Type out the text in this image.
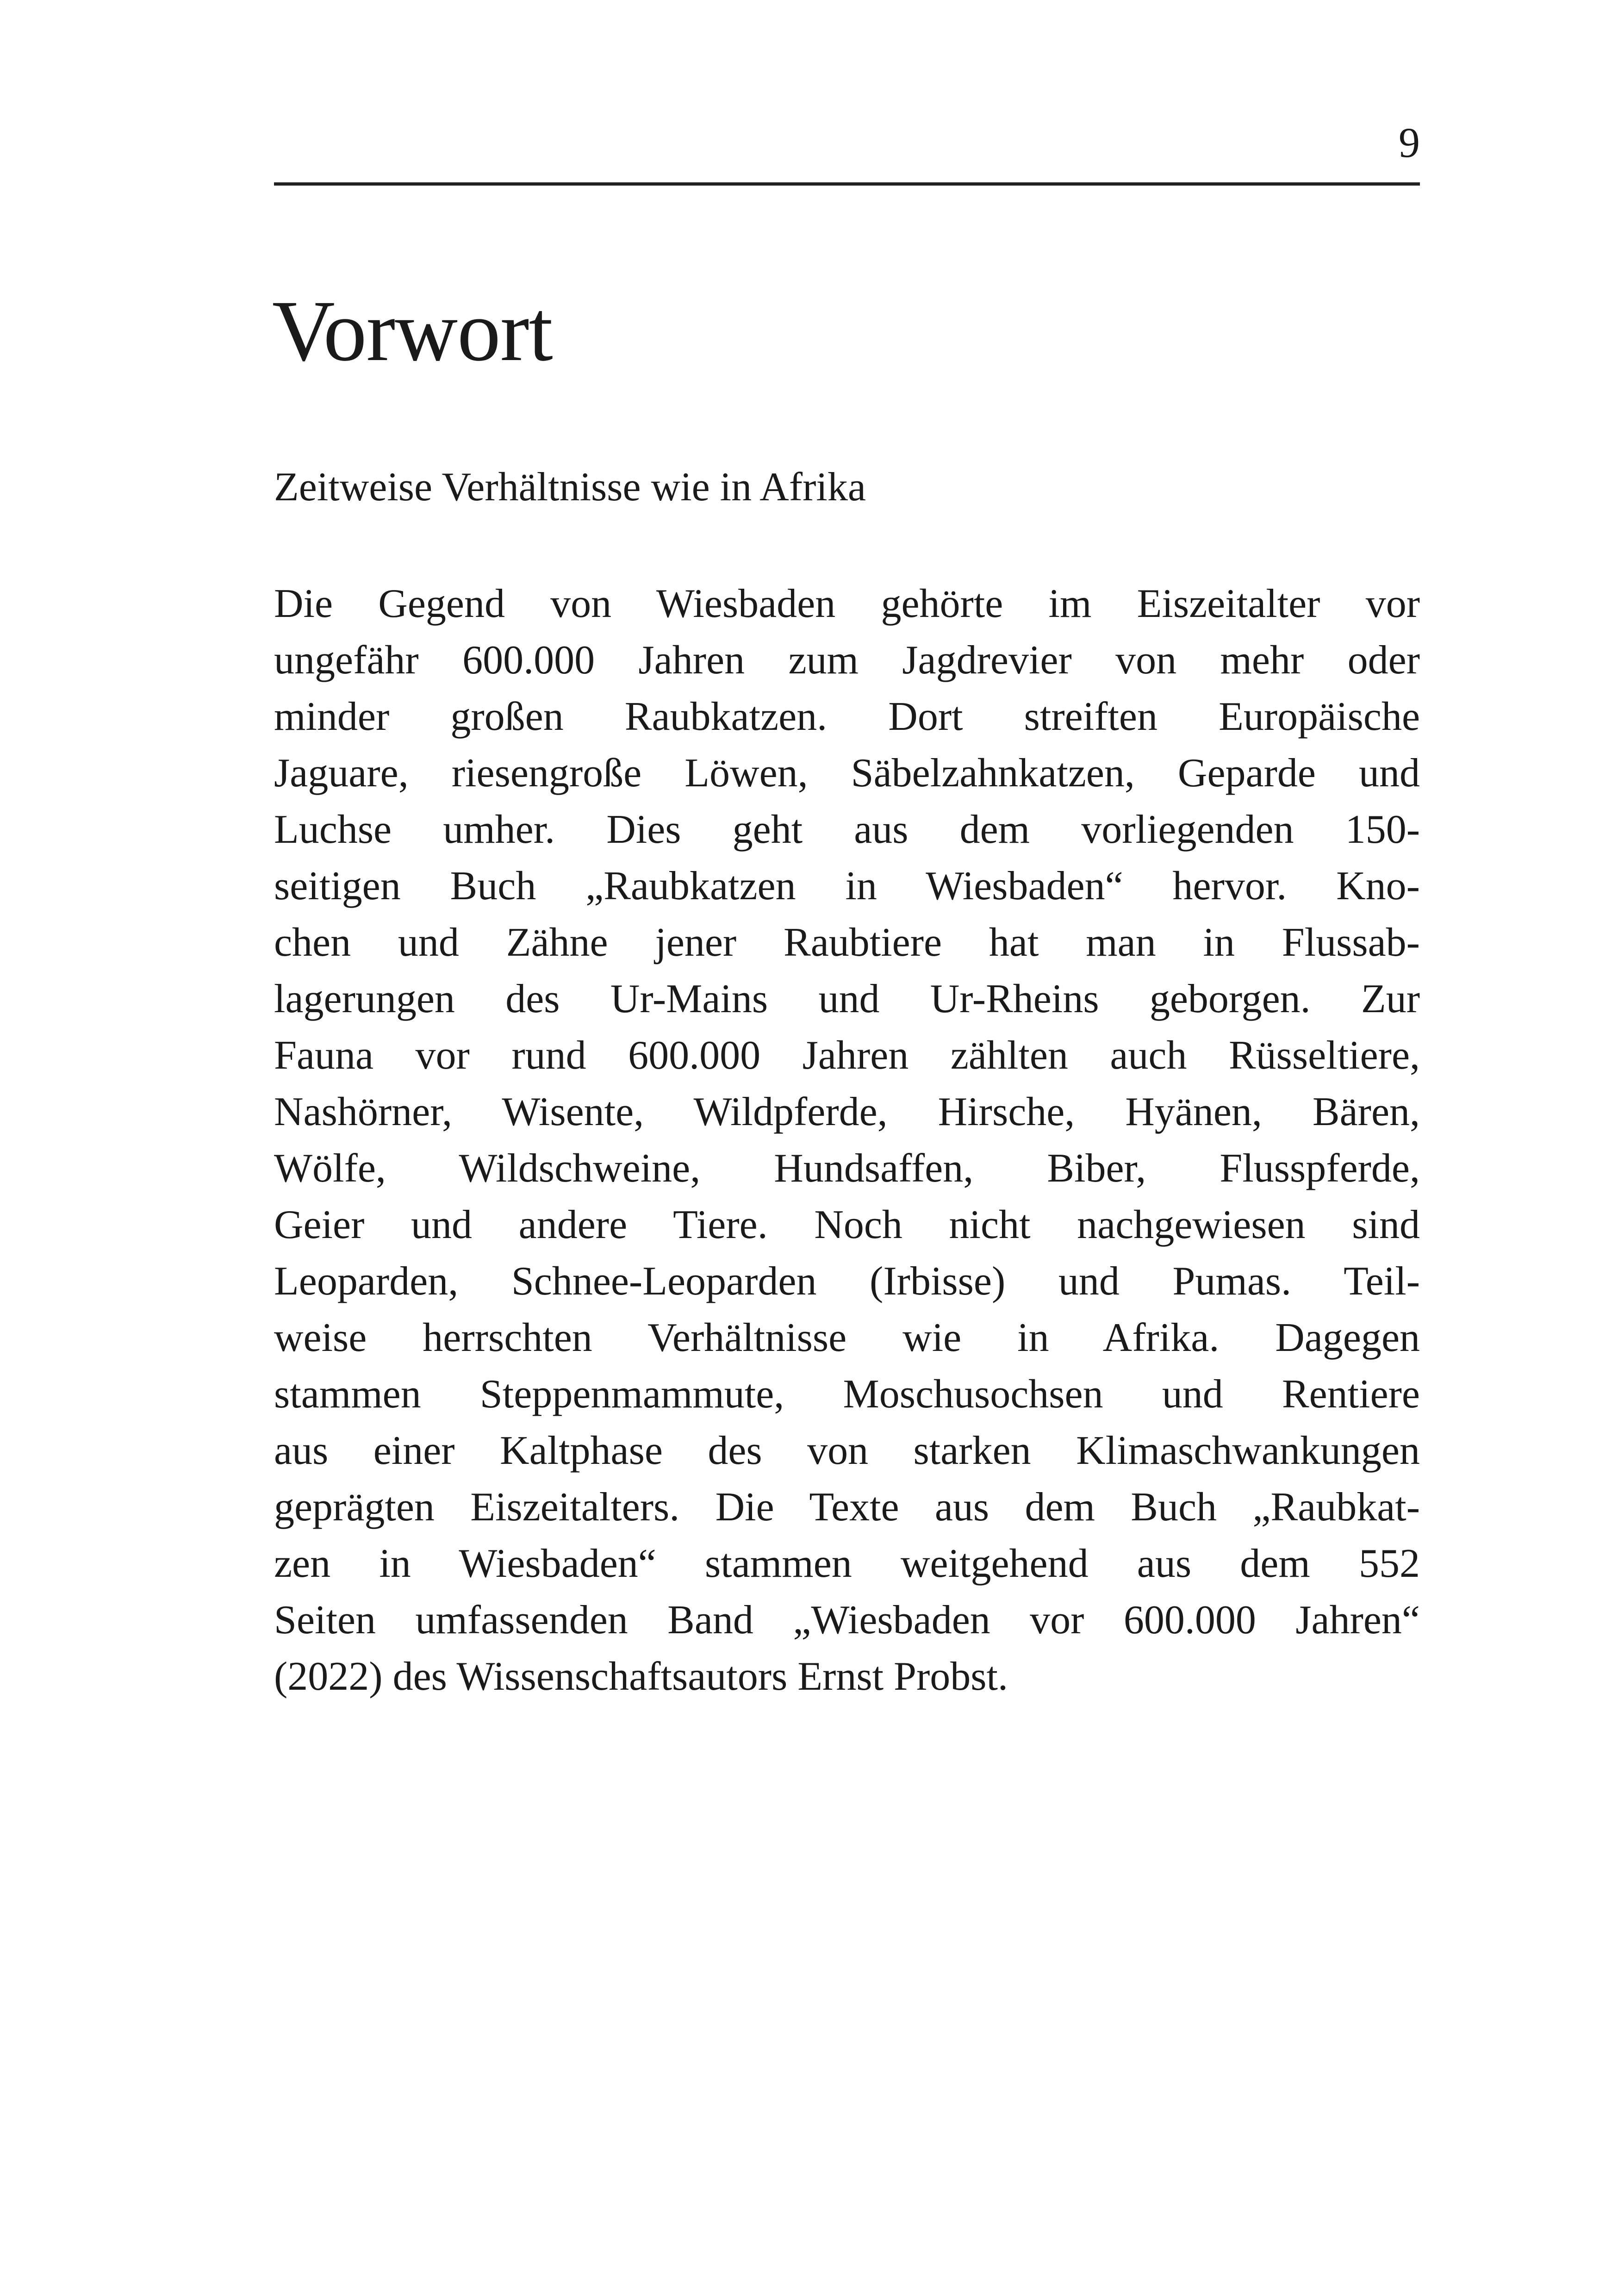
9
Vorwort

Zeitweise Verhältnisse wie in Afrika

Die Gegend von Wiesbaden gehörte im Eiszeitalter vor
ungefähr 600.000 Jahren zum Jagdrevier von mehr oder
minder großen Raubkatzen. Dort streiften Europäische
Jaguare, riesengroße Löwen, Säbelzahnkatzen, Geparde und
Luchse umher. Dies geht aus dem vorliegenden 150-
seitigen Buch „Raubkatzen in Wiesbaden“ hervor. Kno-
chen und Zähne jener Raubtiere hat man in Flussab-
lagerungen des Ur-Mains und Ur-Rheins geborgen. Zur
Fauna vor rund 600.000 Jahren zählten auch Rüsseltiere,
Nashörner, Wisente, Wildpferde, Hirsche, Hyänen, Bären,
Wölfe, Wildschweine, Hundsaffen, Biber, Flusspferde,
Geier und andere Tiere. Noch nicht nachgewiesen sind
Leoparden, Schnee-Leoparden (Irbisse) und Pumas. Teil-
weise herrschten Verhältnisse wie in Afrika. Dagegen
stammen Steppenmammute, Moschusochsen und Rentiere
aus einer Kaltphase des von starken Klimaschwankungen
geprägten Eiszeitalters. Die Texte aus dem Buch „Raubkat-
zen in Wiesbaden“ stammen weitgehend aus dem 552
Seiten umfassenden Band „Wiesbaden vor 600.000 Jahren“
(2022) des Wissenschaftsautors Ernst Probst.
